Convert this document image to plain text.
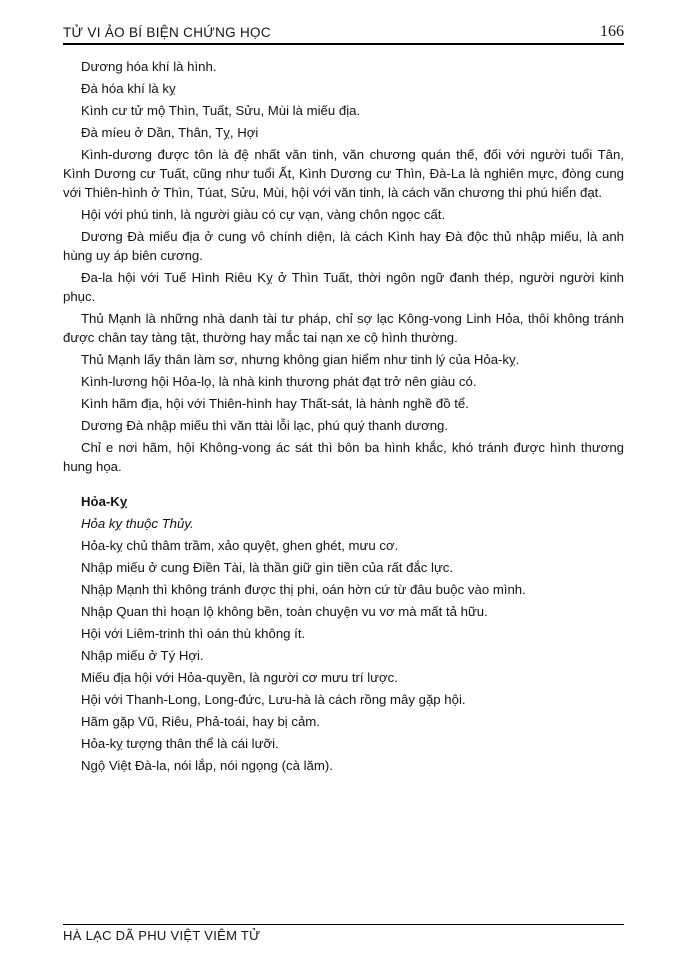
TỬ VI ẢO BÍ BIỆN CHỨNG HỌC	166

Dương hóa khí là hình.

Đà hóa khí là kỵ

Kình cư tử mộ Thìn, Tuất, Sửu, Mùi là miếu địa.

Đà míeu ở Dần, Thân, Tỵ, Hợi

Kình-dương được tôn là đệ nhất văn tinh, văn chương quán thế, đối với người tuổi Tân, Kình Dương cư Tuất, cũng như tuổi Ất, Kình Dương cư Thìn, Đà-La là nghiên mực, đòng cung với Thiên-hình ở Thìn, Túat, Sửu, Mùi, hội với văn tinh, là cách văn chương thi phú hiển đạt.

Hội với phú tinh, là người giàu có cự vạn, vàng chôn ngọc cất.

Dương Đà miếu địa ở cung vô chính diện, là cách Kình hay Đà độc thủ nhập miếu, là anh hùng uy áp biên cương.

Đa-la hội với Tuế Hình Riêu Kỵ ở Thìn Tuất, thời ngôn ngữ đanh thép, người người kinh phục.

Thủ Mạnh là những nhà danh tài tư pháp, chỉ sợ lạc Kông-vong Linh Hỏa, thôi không tránh được chân tay tàng tật, thường hay mắc tai nạn xe cộ hình thường.

Thủ Mạnh lấy thân làm sơ, nhưng không gian hiểm như tinh lý của Hỏa-kỵ.

Kình-lương hội Hỏa-lọ, là nhà kinh thương phát đạt trở nên giàu có.

Kình hãm địa, hội với Thiên-hình hay Thất-sát, là hành nghề đồ tể.

Dương Đà nhập miếu thì văn ttài lỗi lạc, phú quý thanh dương.

Chỉ e nơi hãm, hội Không-vong ác sát thì bôn ba hình khắc, khó tránh được hình thương hung họa.

Hỏa-Kỵ

Hỏa kỵ thuộc Thủy.

Hỏa-kỵ chủ thâm trầm, xảo quyệt, ghen ghét, mưu cơ.

Nhập miếu ở cung Điền Tài, là thần giữ gìn tiền của rất đắc lực.

Nhập Mạnh thì không tránh được thị phi, oán hờn cứ từ đâu buộc vào mình.

Nhập Quan thì hoạn lộ không bền, toàn chuyện vu vơ mà mất tả hữu.

Hội với Liêm-trinh thì oán thù không ít.

Nhập miếu ở Tý Hợi.

Miếu địa hội với Hỏa-quyền, là người cơ mưu trí lược.

Hội với Thanh-Long, Long-đức, Lưu-hà là cách rồng mây gặp hội.

Hãm gặp Vũ, Riêu, Phả-toái, hay bị cảm.

Hỏa-kỵ tượng thân thể là cái lưỡi.

Ngộ Việt Đà-la, nói lắp, nói ngọng (cà lăm).

HÀ LẠC DÃ PHU VIỆT VIÊM TỬ
